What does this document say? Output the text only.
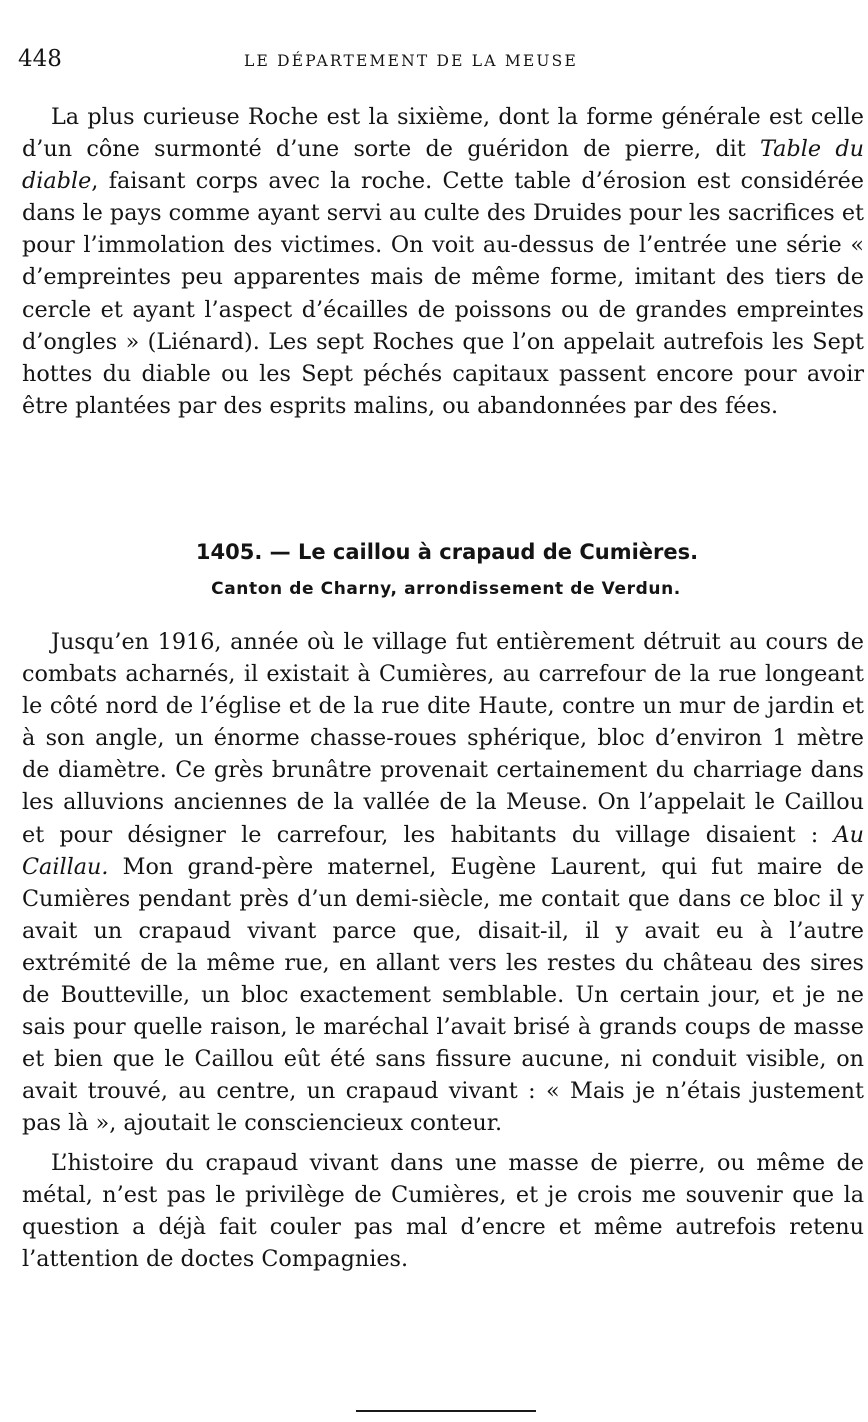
448	LE DÉPARTEMENT DE LA MEUSE

La plus curieuse Roche est la sixième, dont la forme générale est celle d’un cône surmonté d’une sorte de guéridon de pierre, dit Table du diable, faisant corps avec la roche. Cette table d’érosion est considérée dans le pays comme ayant servi au culte des Druides pour les sacrifices et pour l’immolation des victimes. On voit au-dessus de l’entrée une série « d’empreintes peu apparentes mais de même forme, imitant des tiers de cercle et ayant l’aspect d’écailles de poissons ou de grandes empreintes d’ongles » (Liénard). Les sept Roches que l’on appelait autrefois les Sept hottes du diable ou les Sept péchés capitaux passent encore pour avoir être plantées par des esprits malins, ou abandonnées par des fées.

1405. — Le caillou à crapaud de Cumières.

Canton de Charny, arrondissement de Verdun.

Jusqu’en 1916, année où le village fut entièrement détruit au cours de combats acharnés, il existait à Cumières, au carrefour de la rue longeant le côté nord de l’église et de la rue dite Haute, contre un mur de jardin et à son angle, un énorme chasse-roues sphérique, bloc d’environ 1 mètre de diamètre. Ce grès brunâtre provenait certainement du charriage dans les alluvions anciennes de la vallée de la Meuse. On l’appelait le Caillou et pour désigner le carrefour, les habitants du village disaient : Au Caillau. Mon grand-père maternel, Eugène Laurent, qui fut maire de Cumières pendant près d’un demi-siècle, me contait que dans ce bloc il y avait un crapaud vivant parce que, disait-il, il y avait eu à l’autre extrémité de la même rue, en allant vers les restes du château des sires de Boutteville, un bloc exactement semblable. Un certain jour, et je ne sais pour quelle raison, le maréchal l’avait brisé à grands coups de masse et bien que le Caillou eût été sans fissure aucune, ni conduit visible, on avait trouvé, au centre, un crapaud vivant : « Mais je n’étais justement pas là », ajoutait le consciencieux conteur.

L’histoire du crapaud vivant dans une masse de pierre, ou même de métal, n’est pas le privilège de Cumières, et je crois me souvenir que la question a déjà fait couler pas mal d’encre et même autrefois retenu l’attention de doctes Compagnies.
